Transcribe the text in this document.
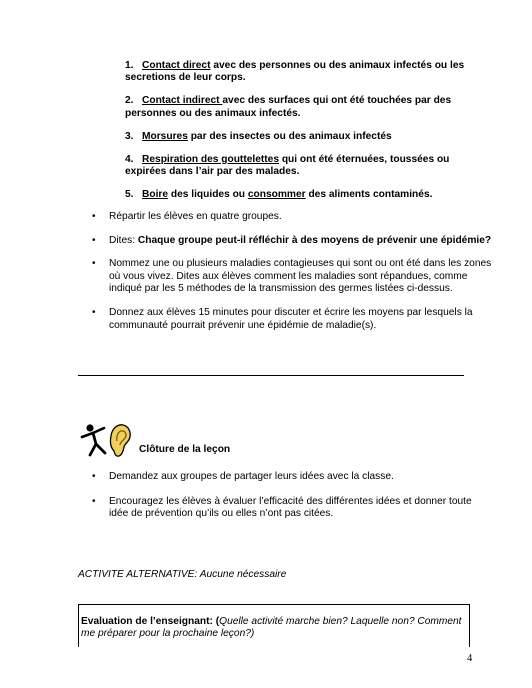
1. Contact direct avec des personnes ou des animaux infectés ou les secretions de leur corps.
2. Contact indirect avec des surfaces qui ont été touchées par des personnes ou des animaux infectés.
3. Morsures par des insectes ou des animaux infectés
4. Respiration des gouttelettes qui ont été éternuées, toussées ou expirées dans l’air par des malades.
5. Boire des liquides ou consommer des aliments contaminés.
• Répartir les élèves en quatre groupes.
• Dites: Chaque groupe peut-il réfléchir à des moyens de prévenir une épidémie?
• Nommez une ou plusieurs maladies contagieuses qui sont ou ont été dans les zones où vous vivez. Dites aux élèves comment les maladies sont répandues, comme indiqué par les 5 méthodes de la transmission des germes listées ci-dessus.
• Donnez aux élèves 15 minutes pour discuter et écrire les moyens par lesquels la communauté pourrait prévenir une épidémie de maladie(s).
Clôture de la leçon
• Demandez aux groupes de partager leurs idées avec la classe.
• Encouragez les élèves à évaluer l’efficacité des différentes idées et donner toute idée de prévention qu’ils ou elles n’ont pas citées.
ACTIVITE ALTERNATIVE: Aucune nécessaire
Evaluation de l’enseignant: (Quelle activité marche bien? Laquelle non? Comment me préparer pour la prochaine leçon?)
4
